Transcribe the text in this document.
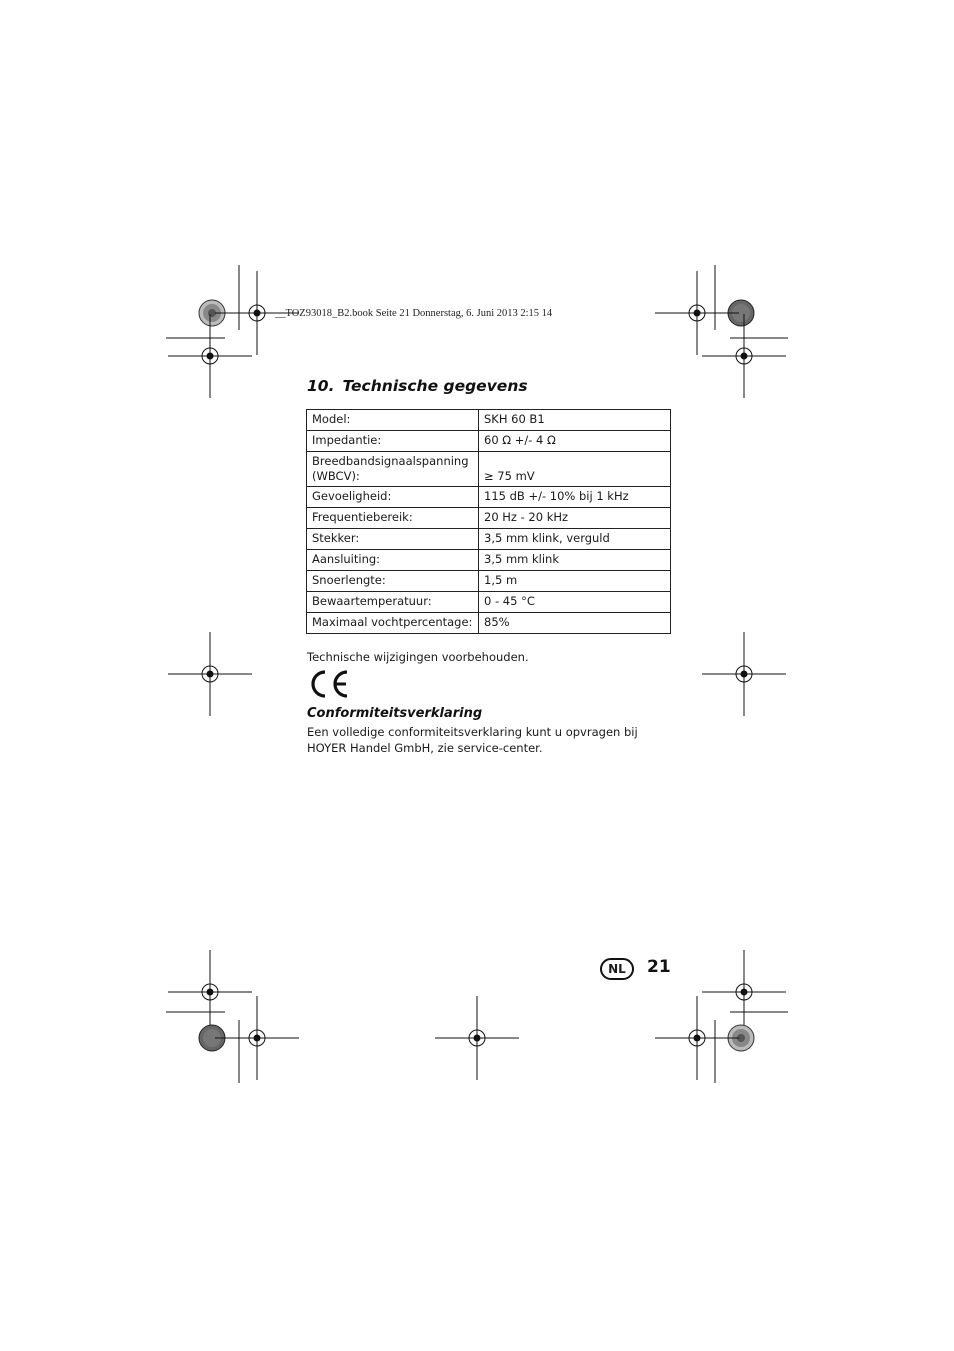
__TOZ93018_B2.book Seite 21 Donnerstag, 6. Juni 2013 2:15 14
10. Technische gegevens
Model:	SKH 60 B1
Impedantie:	60 Ω +/- 4 Ω
Breedbandsignaalspanning
(WBCV):	≥ 75 mV
Gevoeligheid:	115 dB +/- 10% bij 1 kHz
Frequentiebereik:	20 Hz - 20 kHz
Stekker:	3,5 mm klink, verguld
Aansluiting:	3,5 mm klink
Snoerlengte:	1,5 m
Bewaartemperatuur:	0 - 45 °C
Maximaal vochtpercentage:	85%
Technische wijzigingen voorbehouden.
Conformiteitsverklaring

Een volledige conformiteitsverklaring kunt u opvragen bij
HOYER Handel GmbH, zie service-center.

NL	21
